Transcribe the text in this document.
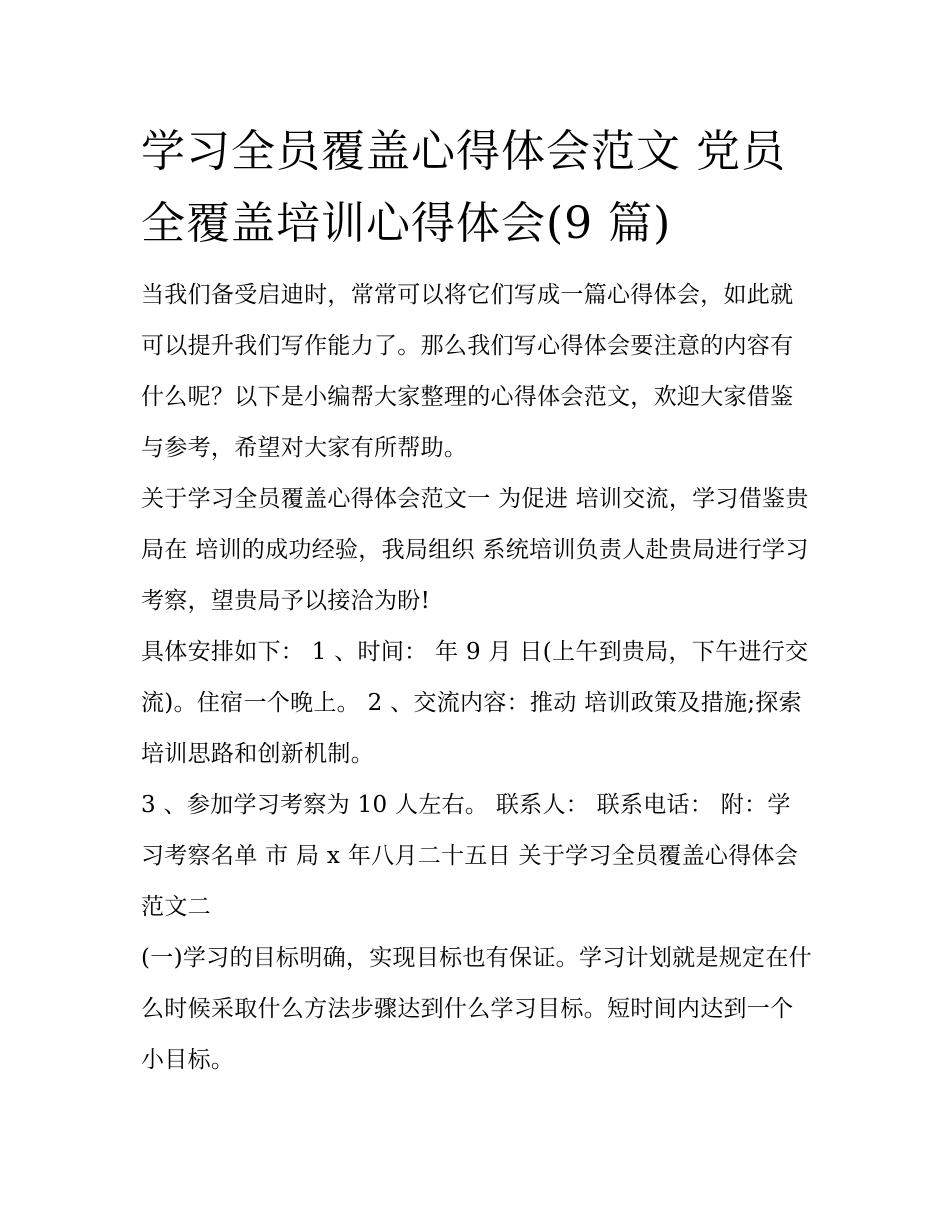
学习全员覆盖心得体会范文 党员全覆盖培训心得体会(9 篇)

当我们备受启迪时，常常可以将它们写成一篇心得体会，如此就可以提升我们写作能力了。那么我们写心得体会要注意的内容有什么呢？以下是小编帮大家整理的心得体会范文，欢迎大家借鉴与参考，希望对大家有所帮助。

关于学习全员覆盖心得体会范文一 为促进 培训交流，学习借鉴贵局在 培训的成功经验，我局组织 系统培训负责人赴贵局进行学习考察，望贵局予以接洽为盼!

具体安排如下： 1 、时间： 年 9 月 日(上午到贵局，下午进行交流)。住宿一个晚上。 2 、交流内容：推动 培训政策及措施;探索 培训思路和创新机制。

3 、参加学习考察为 10 人左右。 联系人： 联系电话： 附：学习考察名单 市 局 x 年八月二十五日 关于学习全员覆盖心得体会范文二

(一)学习的目标明确，实现目标也有保证。学习计划就是规定在什么时候采取什么方法步骤达到什么学习目标。短时间内达到一个小目标。
